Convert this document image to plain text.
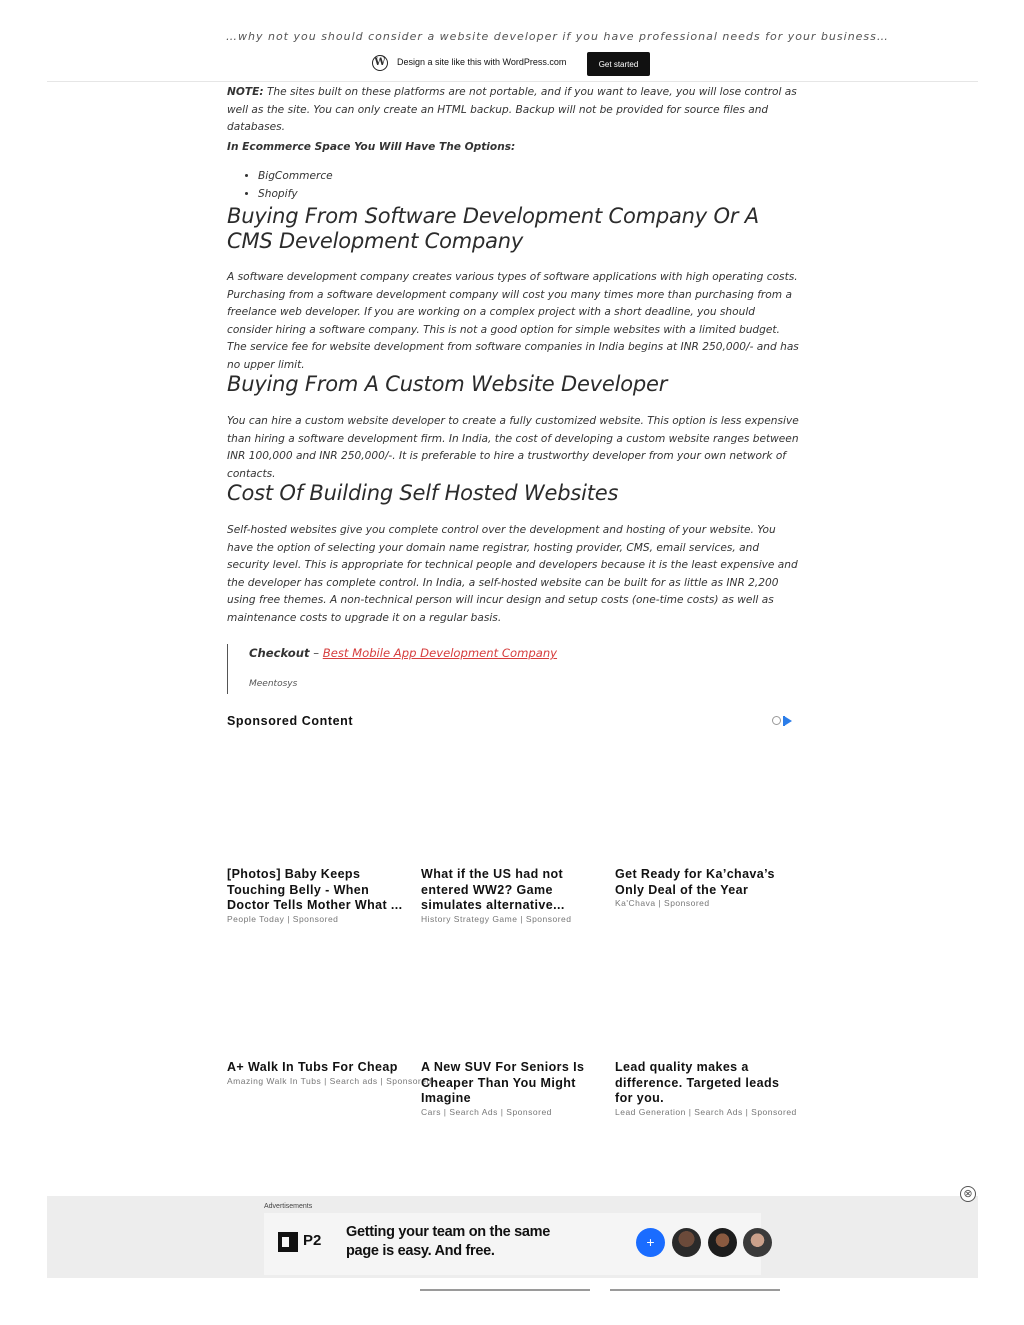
…why not you should consider a website developer if you have professional needs for your business…
W Design a site like this with WordPress.com	Get started

NOTE: The sites built on these platforms are not portable, and if you want to leave, you will lose control as well as the site. You can only create an HTML backup. Backup will not be provided for source files and databases.

In Ecommerce Space You Will Have The Options:
• BigCommerce
• Shopify
Buying From Software Development Company Or A CMS Development Company

A software development company creates various types of software applications with high operating costs. Purchasing from a software development company will cost you many times more than purchasing from a freelance web developer. If you are working on a complex project with a short deadline, you should consider hiring a software company. This is not a good option for simple websites with a limited budget. The service fee for website development from software companies in India begins at INR 250,000/- and has no upper limit.

Buying From A Custom Website Developer

You can hire a custom website developer to create a fully customized website. This option is less expensive than hiring a software development firm. In India, the cost of developing a custom website ranges between INR 100,000 and INR 250,000/-. It is preferable to hire a trustworthy developer from your own network of contacts.

Cost Of Building Self Hosted Websites

Self-hosted websites give you complete control over the development and hosting of your website. You have the option of selecting your domain name registrar, hosting provider, CMS, email services, and security level. This is appropriate for technical people and developers because it is the least expensive and the developer has complete control. In India, a self-hosted website can be built for as little as INR 2,200 using free themes. A non-technical person will incur design and setup costs (one-time costs) as well as maintenance costs to upgrade it on a regular basis.

Checkout – Best Mobile App Development Company
Meentosys
Sponsored Content
[Photos] Baby Keeps Touching Belly - When Doctor Tells Mother What ...
People Today | Sponsored
What if the US had not entered WW2? Game simulates alternative...
History Strategy Game | Sponsored
Get Ready for Ka’chava’s Only Deal of the Year
Ka'Chava | Sponsored
A+ Walk In Tubs For Cheap
Amazing Walk In Tubs | Search ads | Sponsored
A New SUV For Seniors Is Cheaper Than You Might Imagine
Cars | Search Ads | Sponsored
Lead quality makes a difference. Targeted leads for you.
Lead Generation | Search Ads | Sponsored
Advertisements
P2 Getting your team on the same page is easy. And free.
+
⊗
